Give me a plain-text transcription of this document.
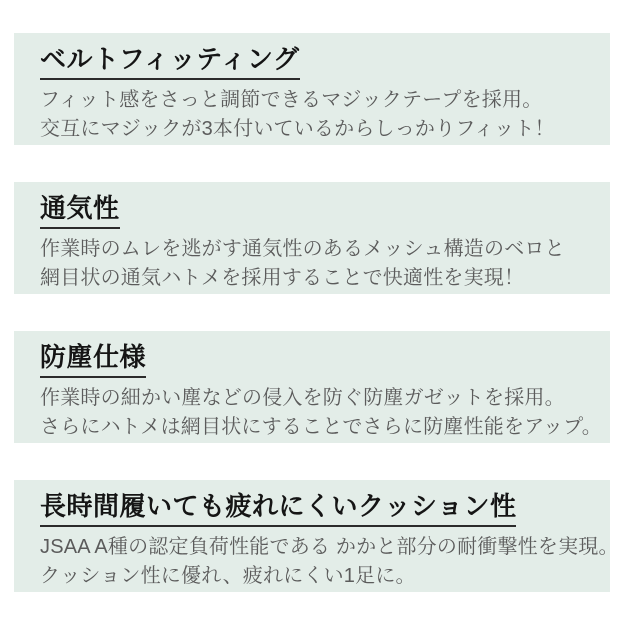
ベルトフィッティング
フィット感をさっと調節できるマジックテープを採用。
交互にマジックが3本付いているからしっかりフィット！
通気性
作業時のムレを逃がす通気性のあるメッシュ構造のベロと
網目状の通気ハトメを採用することで快適性を実現！
防塵仕様
作業時の細かい塵などの侵入を防ぐ防塵ガゼットを採用。
さらにハトメは網目状にすることでさらに防塵性能をアップ。
長時間履いても疲れにくいクッション性
JSAA A種の認定負荷性能である かかと部分の耐衝撃性を実現。
クッション性に優れ、疲れにくい1足に。
